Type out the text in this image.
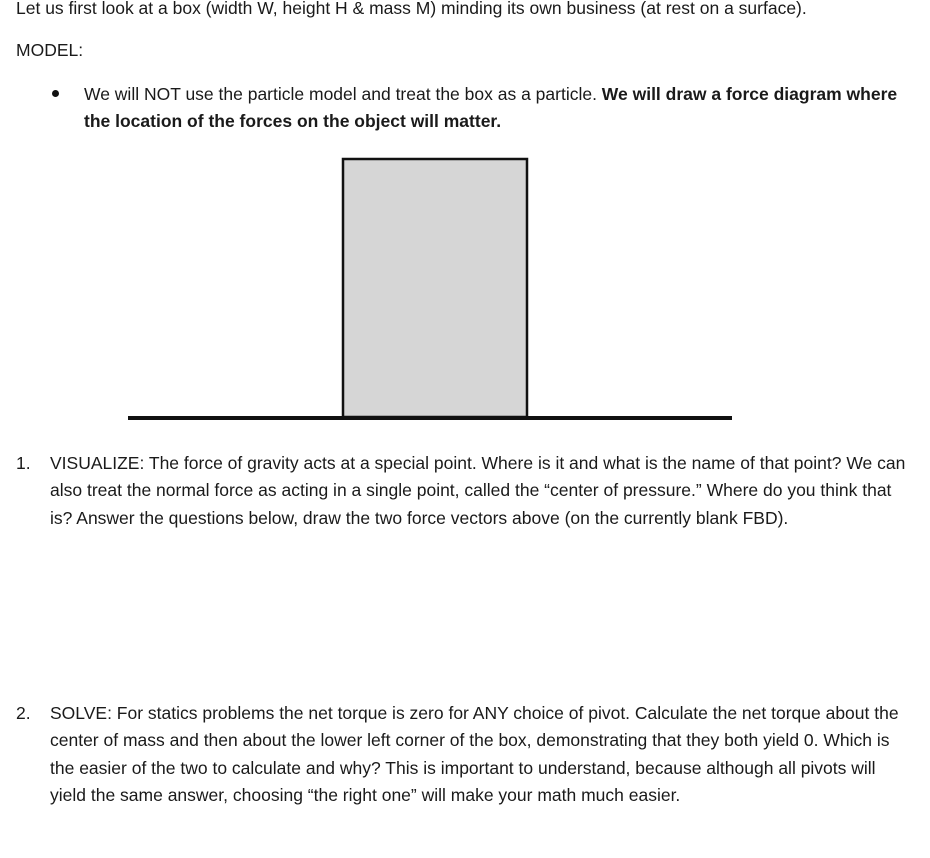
Let us first look at a box (width W, height H & mass M) minding its own business (at rest on a surface).
MODEL:
We will NOT use the particle model and treat the box as a particle. We will draw a force diagram where the location of the forces on the object will matter.
1.	VISUALIZE: The force of gravity acts at a special point. Where is it and what is the name of that point? We can also treat the normal force as acting in a single point, called the “center of pressure.” Where do you think that is? Answer the questions below, draw the two force vectors above (on the currently blank FBD).
2.	SOLVE: For statics problems the net torque is zero for ANY choice of pivot. Calculate the net torque about the center of mass and then about the lower left corner of the box, demonstrating that they both yield 0. Which is the easier of the two to calculate and why? This is important to understand, because although all pivots will yield the same answer, choosing “the right one” will make your math much easier.
